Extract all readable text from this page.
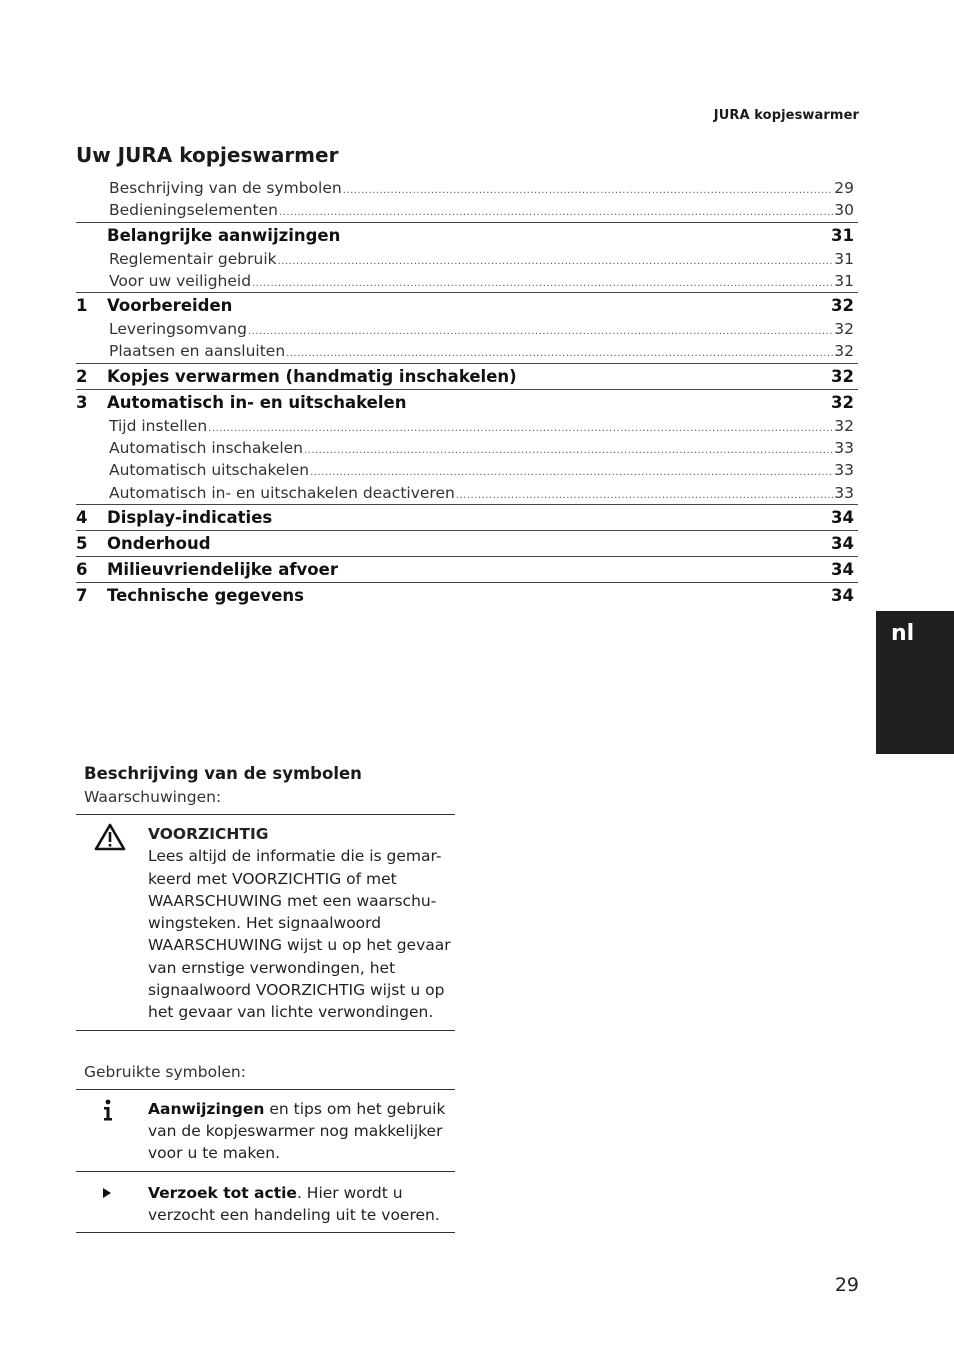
JURA kopjeswarmer
Uw JURA kopjeswarmer
Beschrijving van de symbolen .....	29
Bedieningselementen .....	30
Belangrijke aanwijzingen	31
Reglementair gebruik .....	31
Voor uw veiligheid .....	31
1	Voorbereiden	32
Leveringsomvang .....	32
Plaatsen en aansluiten .....	32
2	Kopjes verwarmen (handmatig inschakelen)	32
3	Automatisch in- en uitschakelen	32
Tijd instellen .....	32
Automatisch inschakelen .....	33
Automatisch uitschakelen .....	33
Automatisch in- en uitschakelen deactiveren .....	33
4	Display-indicaties	34
5	Onderhoud	34
6	Milieuvriendelijke afvoer	34
7	Technische gegevens	34
nl
Beschrijving van de symbolen
Waarschuwingen:
VOORZICHTIG
Lees altijd de informatie die is gemar-
keerd met VOORZICHTIG of met
WAARSCHUWING met een waarschu-
wingsteken. Het signaalwoord
WAARSCHUWING wijst u op het gevaar
van ernstige verwondingen, het
signaalwoord VOORZICHTIG wijst u op
het gevaar van lichte verwondingen.
Gebruikte symbolen:
Aanwijzingen en tips om het gebruik
van de kopjeswarmer nog makkelijker
voor u te maken.
Verzoek tot actie. Hier wordt u
verzocht een handeling uit te voeren.
29
